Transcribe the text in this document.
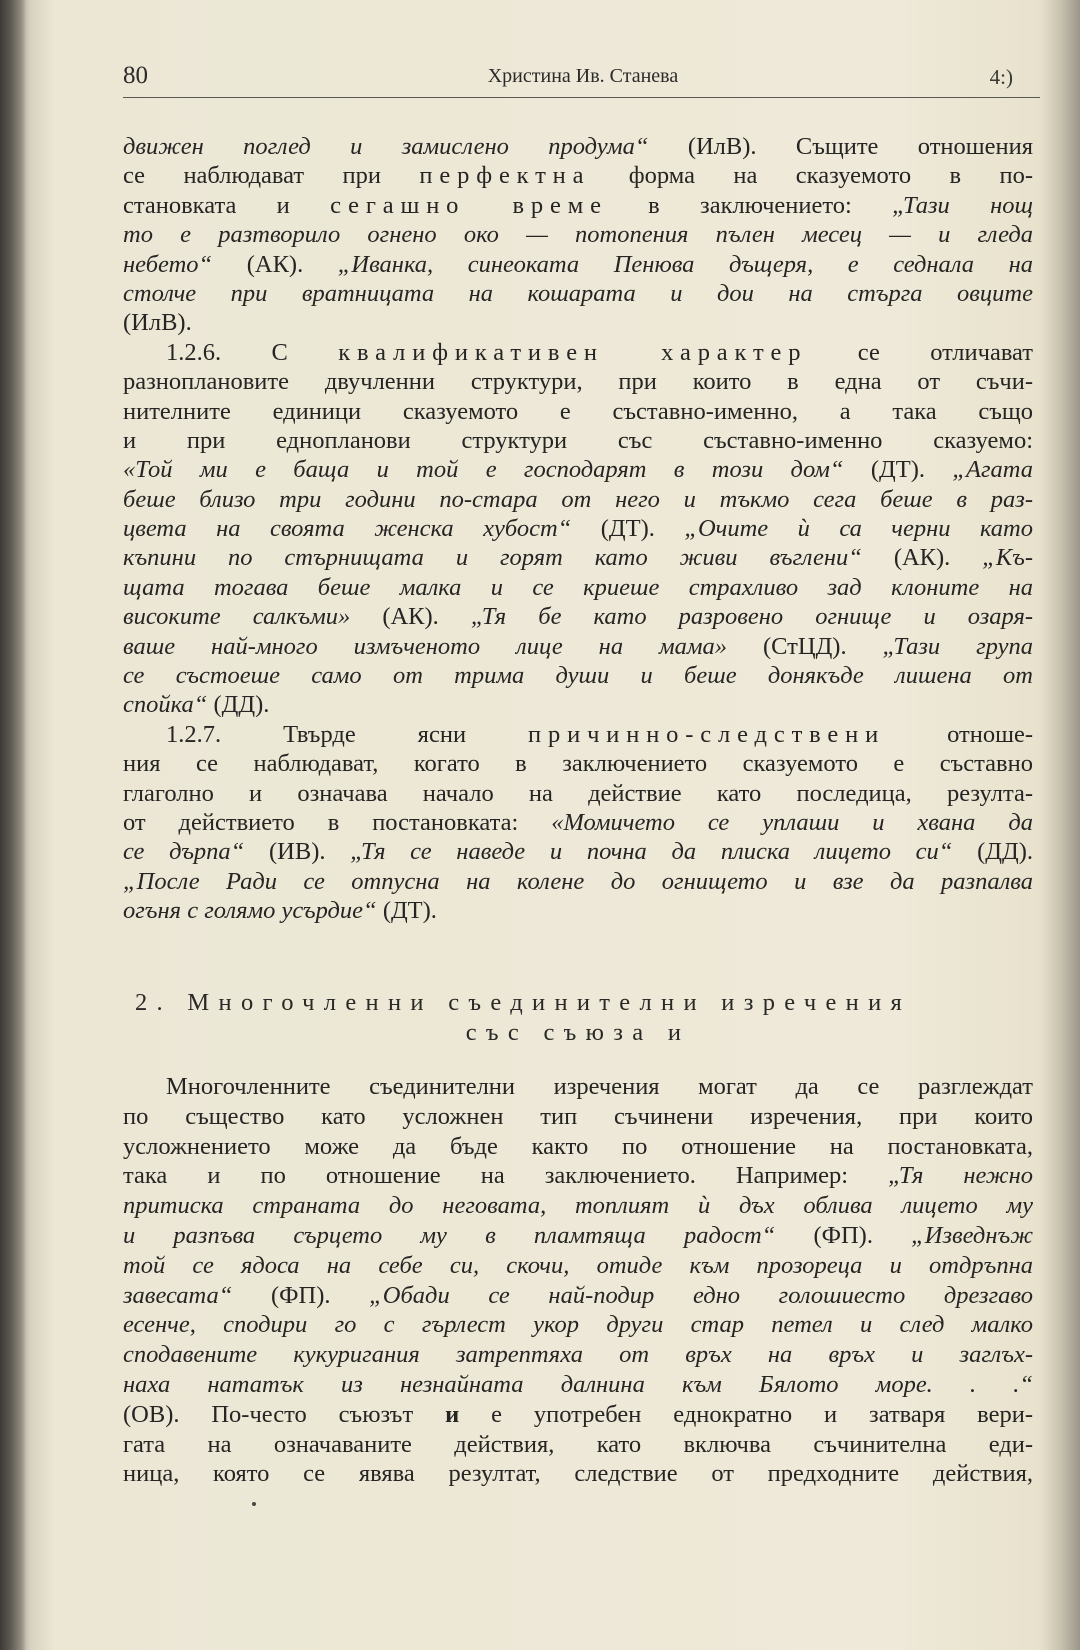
80	Христина Ив. Станева	4:)
движен поглед и замислено продума“ (ИлВ). Същите отношения
се наблюдават при перфектна форма на сказуемото в по-
становката и сегашно време в заключението: „Тази нощ
то е разтворило огнено око — потопения пълен месец — и гледа
небето“ (АК). „Иванка, синеоката Пенюва дъщеря, е седнала на
столче при вратницата на кошарата и дои на стърга овците
(ИлВ).
1.2.6. С квалификативен характер се отличават
разноплановите двучленни структури, при които в една от съчи-
нителните единици сказуемото е съставно-именно, а така също
и при еднопланови структури със съставно-именно сказуемо:
«Той ми е баща и той е господарят в този дом“ (ДТ). „Агата
беше близо три години по-стара от него и тъкмо сега беше в раз-
цвета на своята женска хубост“ (ДТ). „Очите ѝ са черни като
къпини по стърнищата и горят като живи въглени“ (АК). „Къ-
щата тогава беше малка и се криеше страхливо зад клоните на
високите салкъми» (АК). „Тя бе като разровено огнище и озаря-
ваше най-много измъченото лице на мама» (СтЦД). „Тази група
се състоеше само от трима души и беше донякъде лишена от
спойка“ (ДД).
1.2.7. Твърде ясни причинно-следствени отноше-
ния се наблюдават, когато в заключението сказуемото е съставно
глаголно и означава начало на действие като последица, резулта-
от действието в постановката: «Момичето се уплаши и хвана да
се дърпа“ (ИВ). „Тя се наведе и почна да плиска лицето си“ (ДД).
„После Ради се отпусна на колене до огнището и взе да разпалва
огъня с голямо усърдие“ (ДТ).
2. Многочленни съединителни изречения
със съюза и
Многочленните съединителни изречения могат да се разглеждат
по същество като усложнен тип съчинени изречения, при които
усложнението може да бъде както по отношение на постановката,
така и по отношение на заключението. Например: „Тя нежно
притиска страната до неговата, топлият ѝ дъх облива лицето му
и разпъва сърцето му в пламтяща радост“ (ФП). „Изведнъж
той се ядоса на себе си, скочи, отиде към прозореца и отдръпна
завесата“ (ФП). „Обади се най-подир едно голошиесто дрезгаво
есенче, сподири го с гърлест укор други стар петел и след малко
сподавените кукуригания затрептяха от връх на връх и заглъх-
наха нататък из незнайната далнина към Бялото море. . .“
(ОВ). По-често съюзът и е употребен еднократно и затваря вери-
гата на означаваните действия, като включва съчинителна еди-
ница, която се явява резултат, следствие от предходните действия,
